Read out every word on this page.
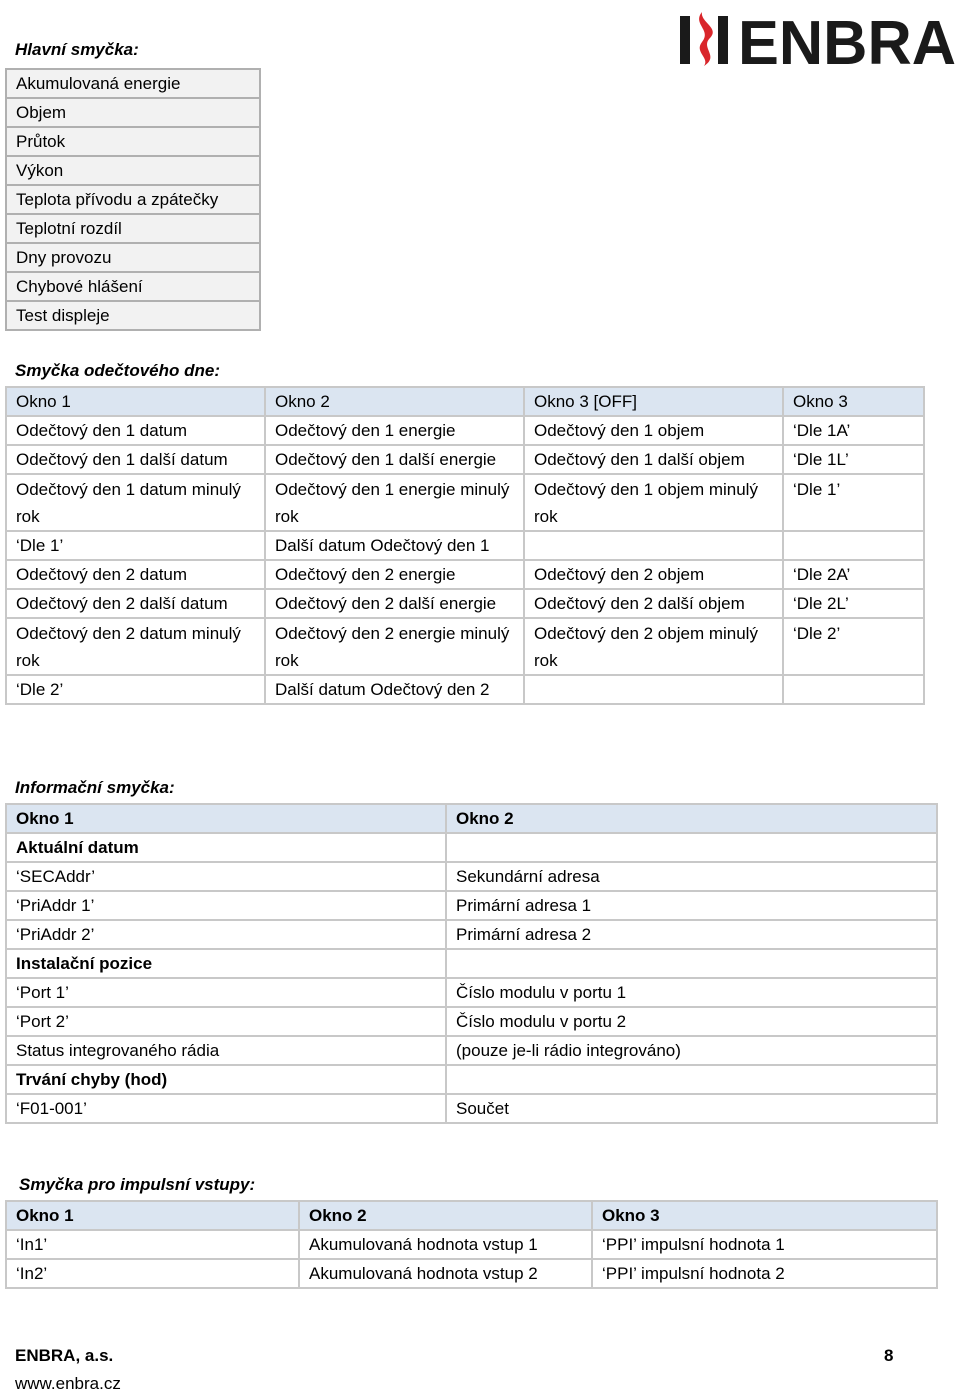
ENBRA
Hlavní smyčka:
Akumulovaná energie
Objem
Průtok
Výkon
Teplota přívodu a zpátečky
Teplotní rozdíl
Dny provozu
Chybové hlášení
Test displeje
Smyčka odečtového dne:
Okno 1	Okno 2	Okno 3 [OFF]	Okno 3
Odečtový den 1 datum	Odečtový den 1 energie	Odečtový den 1 objem	‘Dle 1A’
Odečtový den 1 další datum	Odečtový den 1 další energie	Odečtový den 1 další objem	‘Dle 1L’
Odečtový den 1 datum minulý rok	Odečtový den 1 energie minulý rok	Odečtový den 1 objem minulý rok	‘Dle 1’
‘Dle 1’	Další datum Odečtový den 1		
Odečtový den 2 datum	Odečtový den 2 energie	Odečtový den 2 objem	‘Dle 2A’
Odečtový den 2 další datum	Odečtový den 2 další energie	Odečtový den 2 další objem	‘Dle 2L’
Odečtový den 2 datum minulý rok	Odečtový den 2 energie minulý rok	Odečtový den 2 objem minulý rok	‘Dle 2’
‘Dle 2’	Další datum Odečtový den 2		
Informační smyčka:
Okno 1	Okno 2
Aktuální datum	
‘SECAddr’	Sekundární adresa
‘PriAddr 1’	Primární adresa 1
‘PriAddr 2’	Primární adresa 2
Instalační pozice	
‘Port 1’	Číslo modulu v portu 1
‘Port 2’	Číslo modulu v portu 2
Status integrovaného rádia	(pouze je-li rádio integrováno)
Trvání chyby (hod)	
‘F01-001’	Součet
Smyčka pro impulsní vstupy:
Okno 1	Okno 2	Okno 3
‘In1’	Akumulovaná hodnota vstup 1	‘PPI’ impulsní hodnota 1
‘In2’	Akumulovaná hodnota vstup 2	‘PPI’ impulsní hodnota 2
ENBRA, a.s.
www.enbra.cz
8
